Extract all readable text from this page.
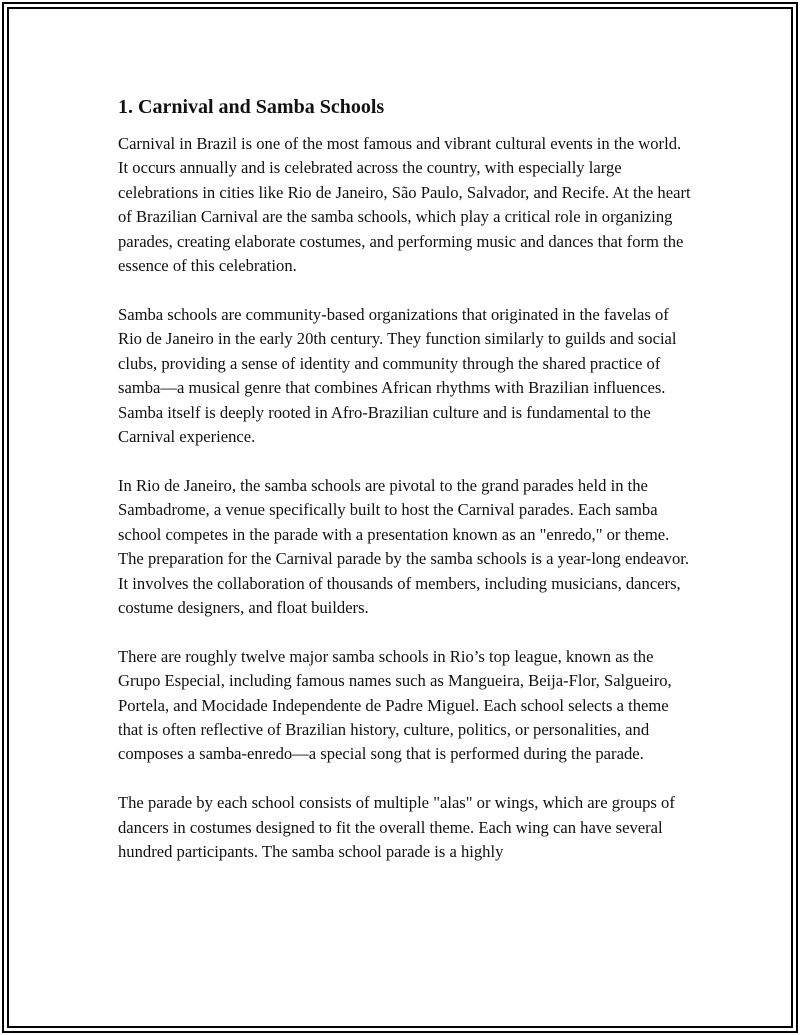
1. Carnival and Samba Schools

Carnival in Brazil is one of the most famous and vibrant cultural events in the world. It occurs annually and is celebrated across the country, with especially large celebrations in cities like Rio de Janeiro, São Paulo, Salvador, and Recife. At the heart of Brazilian Carnival are the samba schools, which play a critical role in organizing parades, creating elaborate costumes, and performing music and dances that form the essence of this celebration.

Samba schools are community-based organizations that originated in the favelas of Rio de Janeiro in the early 20th century. They function similarly to guilds and social clubs, providing a sense of identity and community through the shared practice of samba—a musical genre that combines African rhythms with Brazilian influences. Samba itself is deeply rooted in Afro-Brazilian culture and is fundamental to the Carnival experience.

In Rio de Janeiro, the samba schools are pivotal to the grand parades held in the Sambadrome, a venue specifically built to host the Carnival parades. Each samba school competes in the parade with a presentation known as an "enredo," or theme. The preparation for the Carnival parade by the samba schools is a year-long endeavor. It involves the collaboration of thousands of members, including musicians, dancers, costume designers, and float builders.

There are roughly twelve major samba schools in Rio’s top league, known as the Grupo Especial, including famous names such as Mangueira, Beija-Flor, Salgueiro, Portela, and Mocidade Independente de Padre Miguel. Each school selects a theme that is often reflective of Brazilian history, culture, politics, or personalities, and composes a samba-enredo—a special song that is performed during the parade.

The parade by each school consists of multiple "alas" or wings, which are groups of dancers in costumes designed to fit the overall theme. Each wing can have several hundred participants. The samba school parade is a highly
